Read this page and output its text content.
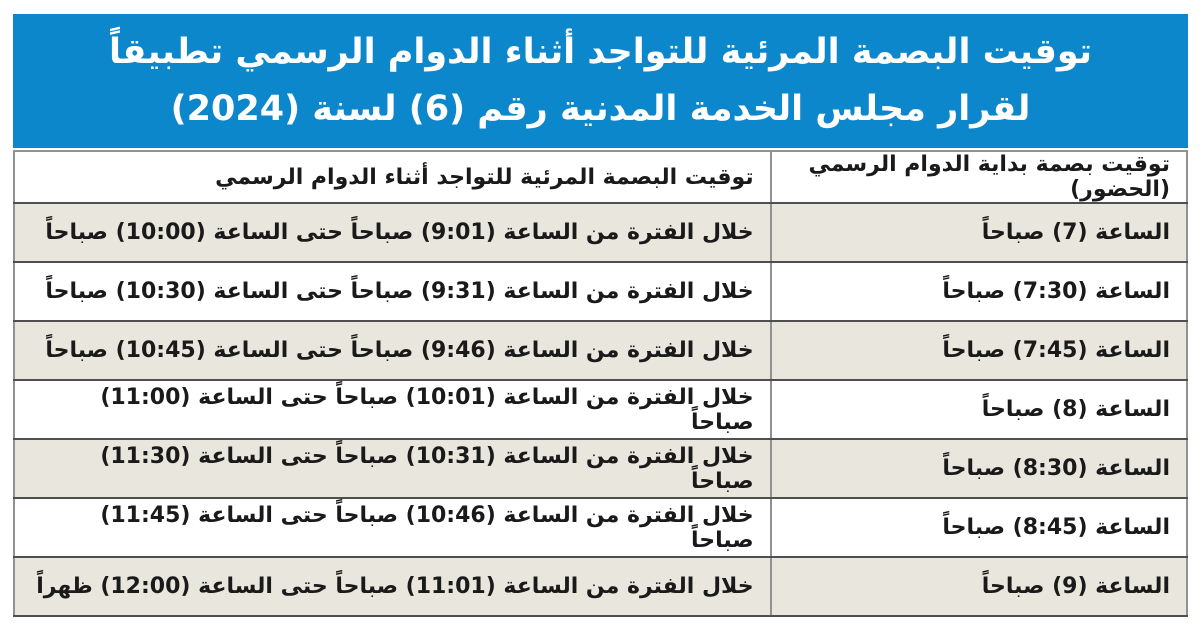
توقيت البصمة المرئية للتواجد أثناء الدوام الرسمي تطبيقاً
لقرار مجلس الخدمة المدنية رقم (6) لسنة (2024)
توقيت بصمة بداية الدوام الرسمي (الحضور)	توقيت البصمة المرئية للتواجد أثناء الدوام الرسمي
الساعة (7) صباحاً	خلال الفترة من الساعة (9:01) صباحاً حتى الساعة (10:00) صباحاً
الساعة (7:30) صباحاً	خلال الفترة من الساعة (9:31) صباحاً حتى الساعة (10:30) صباحاً
الساعة (7:45) صباحاً	خلال الفترة من الساعة (9:46) صباحاً حتى الساعة (10:45) صباحاً
الساعة (8) صباحاً	خلال الفترة من الساعة (10:01) صباحاً حتى الساعة (11:00) صباحاً
الساعة (8:30) صباحاً	خلال الفترة من الساعة (10:31) صباحاً حتى الساعة (11:30) صباحاً
الساعة (8:45) صباحاً	خلال الفترة من الساعة (10:46) صباحاً حتى الساعة (11:45) صباحاً
الساعة (9) صباحاً	خلال الفترة من الساعة (11:01) صباحاً حتى الساعة (12:00) ظهراً
